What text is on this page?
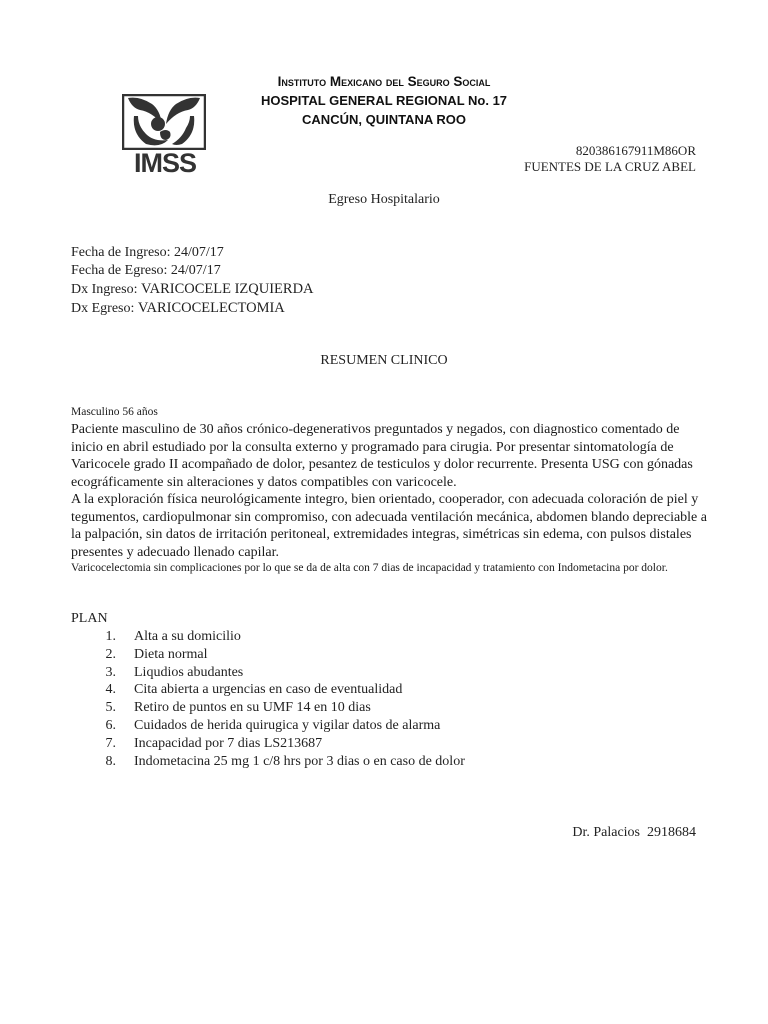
Instituto Mexicano del Seguro Social
HOSPITAL GENERAL REGIONAL No. 17
CANCÚN, QUINTANA ROO
IMSS	820386167911M86OR
FUENTES DE LA CRUZ ABEL
Egreso Hospitalario
Fecha de Ingreso: 24/07/17
Fecha de Egreso: 24/07/17
Dx Ingreso: VARICOCELE IZQUIERDA
Dx Egreso: VARICOCELECTOMIA
RESUMEN CLINICO
Masculino 56 años
Paciente masculino de 30 años crónico-degenerativos preguntados y negados, con diagnostico comentado de inicio en abril estudiado por la consulta externo y programado para cirugia. Por presentar sintomatología de Varicocele grado II acompañado de dolor, pesantez de testiculos y dolor recurrente. Presenta USG con gónadas ecográficamente sin alteraciones y datos compatibles con varicocele.
A la exploración física neurológicamente integro, bien orientado, cooperador, con adecuada coloración de piel y tegumentos, cardiopulmonar sin compromiso, con adecuada ventilación mecánica, abdomen blando depreciable a la palpación, sin datos de irritación peritoneal, extremidades integras, simétricas sin edema, con pulsos distales presentes y adecuado llenado capilar.
Varicocelectomia sin complicaciones por lo que se da de alta con 7 dias de incapacidad y tratamiento con Indometacina por dolor.
PLAN
1. Alta a su domicilio
2. Dieta normal
3. Liqudios abudantes
4. Cita abierta a urgencias en caso de eventualidad
5. Retiro de puntos en su UMF 14 en 10 dias
6. Cuidados de herida quirugica y vigilar datos de alarma
7. Incapacidad por 7 dias LS213687
8. Indometacina 25 mg 1 c/8 hrs por 3 dias o en caso de dolor
Dr. Palacios  2918684
